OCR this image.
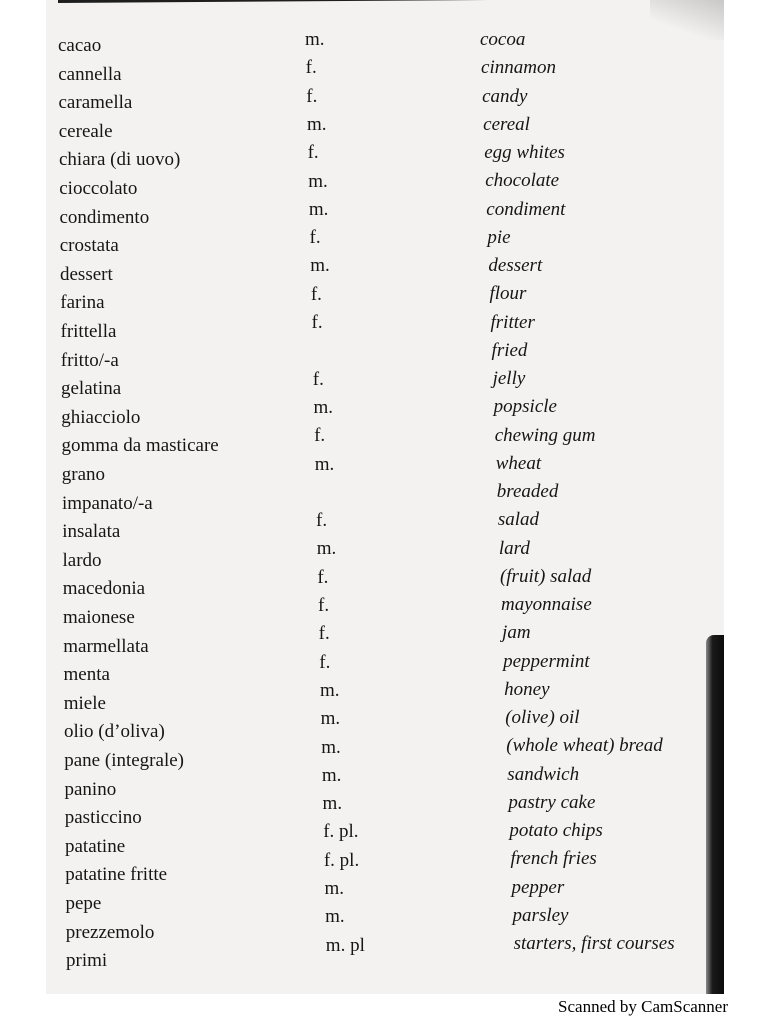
cacao
cannella
caramella
cereale
chiara (di uovo)
cioccolato
condimento
crostata
dessert
farina
frittella
fritto/-a
gelatina
ghiacciolo
gomma da masticare
grano
impanato/-a
insalata
lardo
macedonia
maionese
marmellata
menta
miele
olio (d’oliva)
pane (integrale)
panino
pasticcino
patatine
patatine fritte
pepe
prezzemolo
primi
m.
f.
f.
m.
f.
m.
m.
f.
m.
f.
f.
f.
m.
f.
m.
f.
m.
f.
f.
f.
f.
m.
m.
m.
m.
m.
f. pl.
f. pl.
m.
m.
m. pl
cocoa
cinnamon
candy
cereal
egg whites
chocolate
condiment
pie
dessert
flour
fritter
fried
jelly
popsicle
chewing gum
wheat
breaded
salad
lard
(fruit) salad
mayonnaise
jam
peppermint
honey
(olive) oil
(whole wheat) bread
sandwich
pastry cake
potato chips
french fries
pepper
parsley
starters, first courses
Scanned by CamScanner
